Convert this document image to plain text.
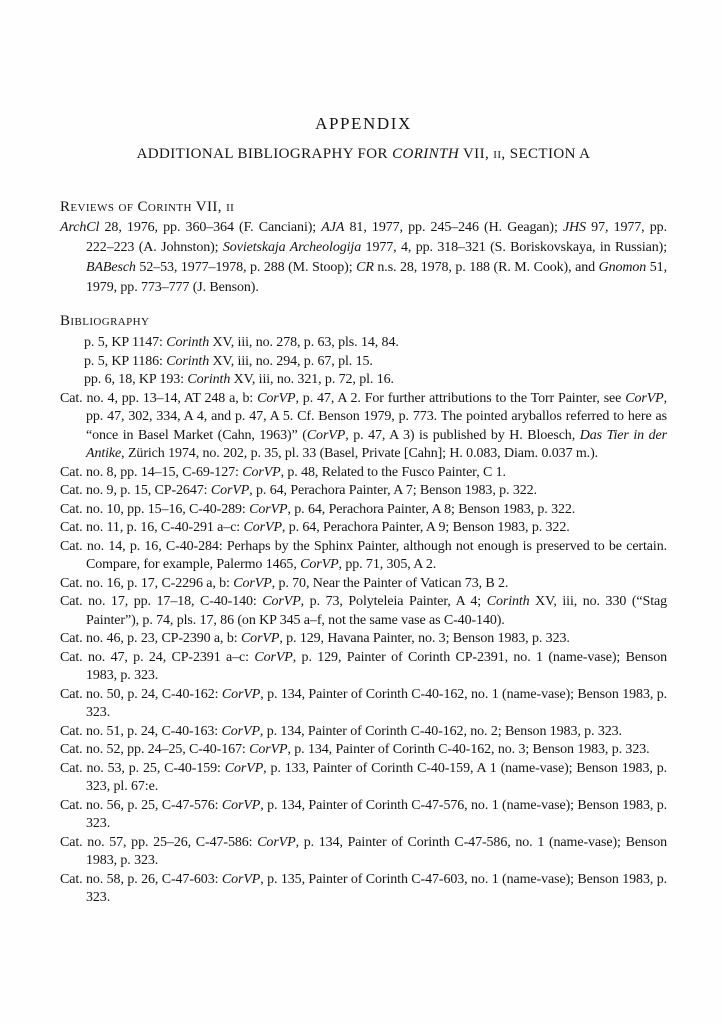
APPENDIX
ADDITIONAL BIBLIOGRAPHY FOR CORINTH VII, ii, SECTION A
Reviews of Corinth VII, ii

ArchCl 28, 1976, pp. 360–364 (F. Canciani); AJA 81, 1977, pp. 245–246 (H. Geagan); JHS 97, 1977, pp. 222–223 (A. Johnston); Sovietskaja Archeologija 1977, 4, pp. 318–321 (S. Boriskovskaya, in Russian); BABesch 52–53, 1977–1978, p. 288 (M. Stoop); CR n.s. 28, 1978, p. 188 (R. M. Cook), and Gnomon 51, 1979, pp. 773–777 (J. Benson).

Bibliography

p. 5, KP 1147: Corinth XV, iii, no. 278, p. 63, pls. 14, 84.

p. 5, KP 1186: Corinth XV, iii, no. 294, p. 67, pl. 15.

pp. 6, 18, KP 193: Corinth XV, iii, no. 321, p. 72, pl. 16.

Cat. no. 4, pp. 13–14, AT 248 a, b: CorVP, p. 47, A 2. For further attributions to the Torr Painter, see CorVP, pp. 47, 302, 334, A 4, and p. 47, A 5. Cf. Benson 1979, p. 773. The pointed aryballos referred to here as “once in Basel Market (Cahn, 1963)” (CorVP, p. 47, A 3) is published by H. Bloesch, Das Tier in der Antike, Zürich 1974, no. 202, p. 35, pl. 33 (Basel, Private [Cahn]; H. 0.083, Diam. 0.037 m.).

Cat. no. 8, pp. 14–15, C-69-127: CorVP, p. 48, Related to the Fusco Painter, C 1.

Cat. no. 9, p. 15, CP-2647: CorVP, p. 64, Perachora Painter, A 7; Benson 1983, p. 322.

Cat. no. 10, pp. 15–16, C-40-289: CorVP, p. 64, Perachora Painter, A 8; Benson 1983, p. 322.

Cat. no. 11, p. 16, C-40-291 a–c: CorVP, p. 64, Perachora Painter, A 9; Benson 1983, p. 322.

Cat. no. 14, p. 16, C-40-284: Perhaps by the Sphinx Painter, although not enough is preserved to be certain. Compare, for example, Palermo 1465, CorVP, pp. 71, 305, A 2.

Cat. no. 16, p. 17, C-2296 a, b: CorVP, p. 70, Near the Painter of Vatican 73, B 2.

Cat. no. 17, pp. 17–18, C-40-140: CorVP, p. 73, Polyteleia Painter, A 4; Corinth XV, iii, no. 330 (“Stag Painter”), p. 74, pls. 17, 86 (on KP 345 a–f, not the same vase as C-40-140).

Cat. no. 46, p. 23, CP-2390 a, b: CorVP, p. 129, Havana Painter, no. 3; Benson 1983, p. 323.

Cat. no. 47, p. 24, CP-2391 a–c: CorVP, p. 129, Painter of Corinth CP-2391, no. 1 (name-vase); Benson 1983, p. 323.

Cat. no. 50, p. 24, C-40-162: CorVP, p. 134, Painter of Corinth C-40-162, no. 1 (name-vase); Benson 1983, p. 323.

Cat. no. 51, p. 24, C-40-163: CorVP, p. 134, Painter of Corinth C-40-162, no. 2; Benson 1983, p. 323.

Cat. no. 52, pp. 24–25, C-40-167: CorVP, p. 134, Painter of Corinth C-40-162, no. 3; Benson 1983, p. 323.

Cat. no. 53, p. 25, C-40-159: CorVP, p. 133, Painter of Corinth C-40-159, A 1 (name-vase); Benson 1983, p. 323, pl. 67:e.

Cat. no. 56, p. 25, C-47-576: CorVP, p. 134, Painter of Corinth C-47-576, no. 1 (name-vase); Benson 1983, p. 323.

Cat. no. 57, pp. 25–26, C-47-586: CorVP, p. 134, Painter of Corinth C-47-586, no. 1 (name-vase); Benson 1983, p. 323.

Cat. no. 58, p. 26, C-47-603: CorVP, p. 135, Painter of Corinth C-47-603, no. 1 (name-vase); Benson 1983, p. 323.
